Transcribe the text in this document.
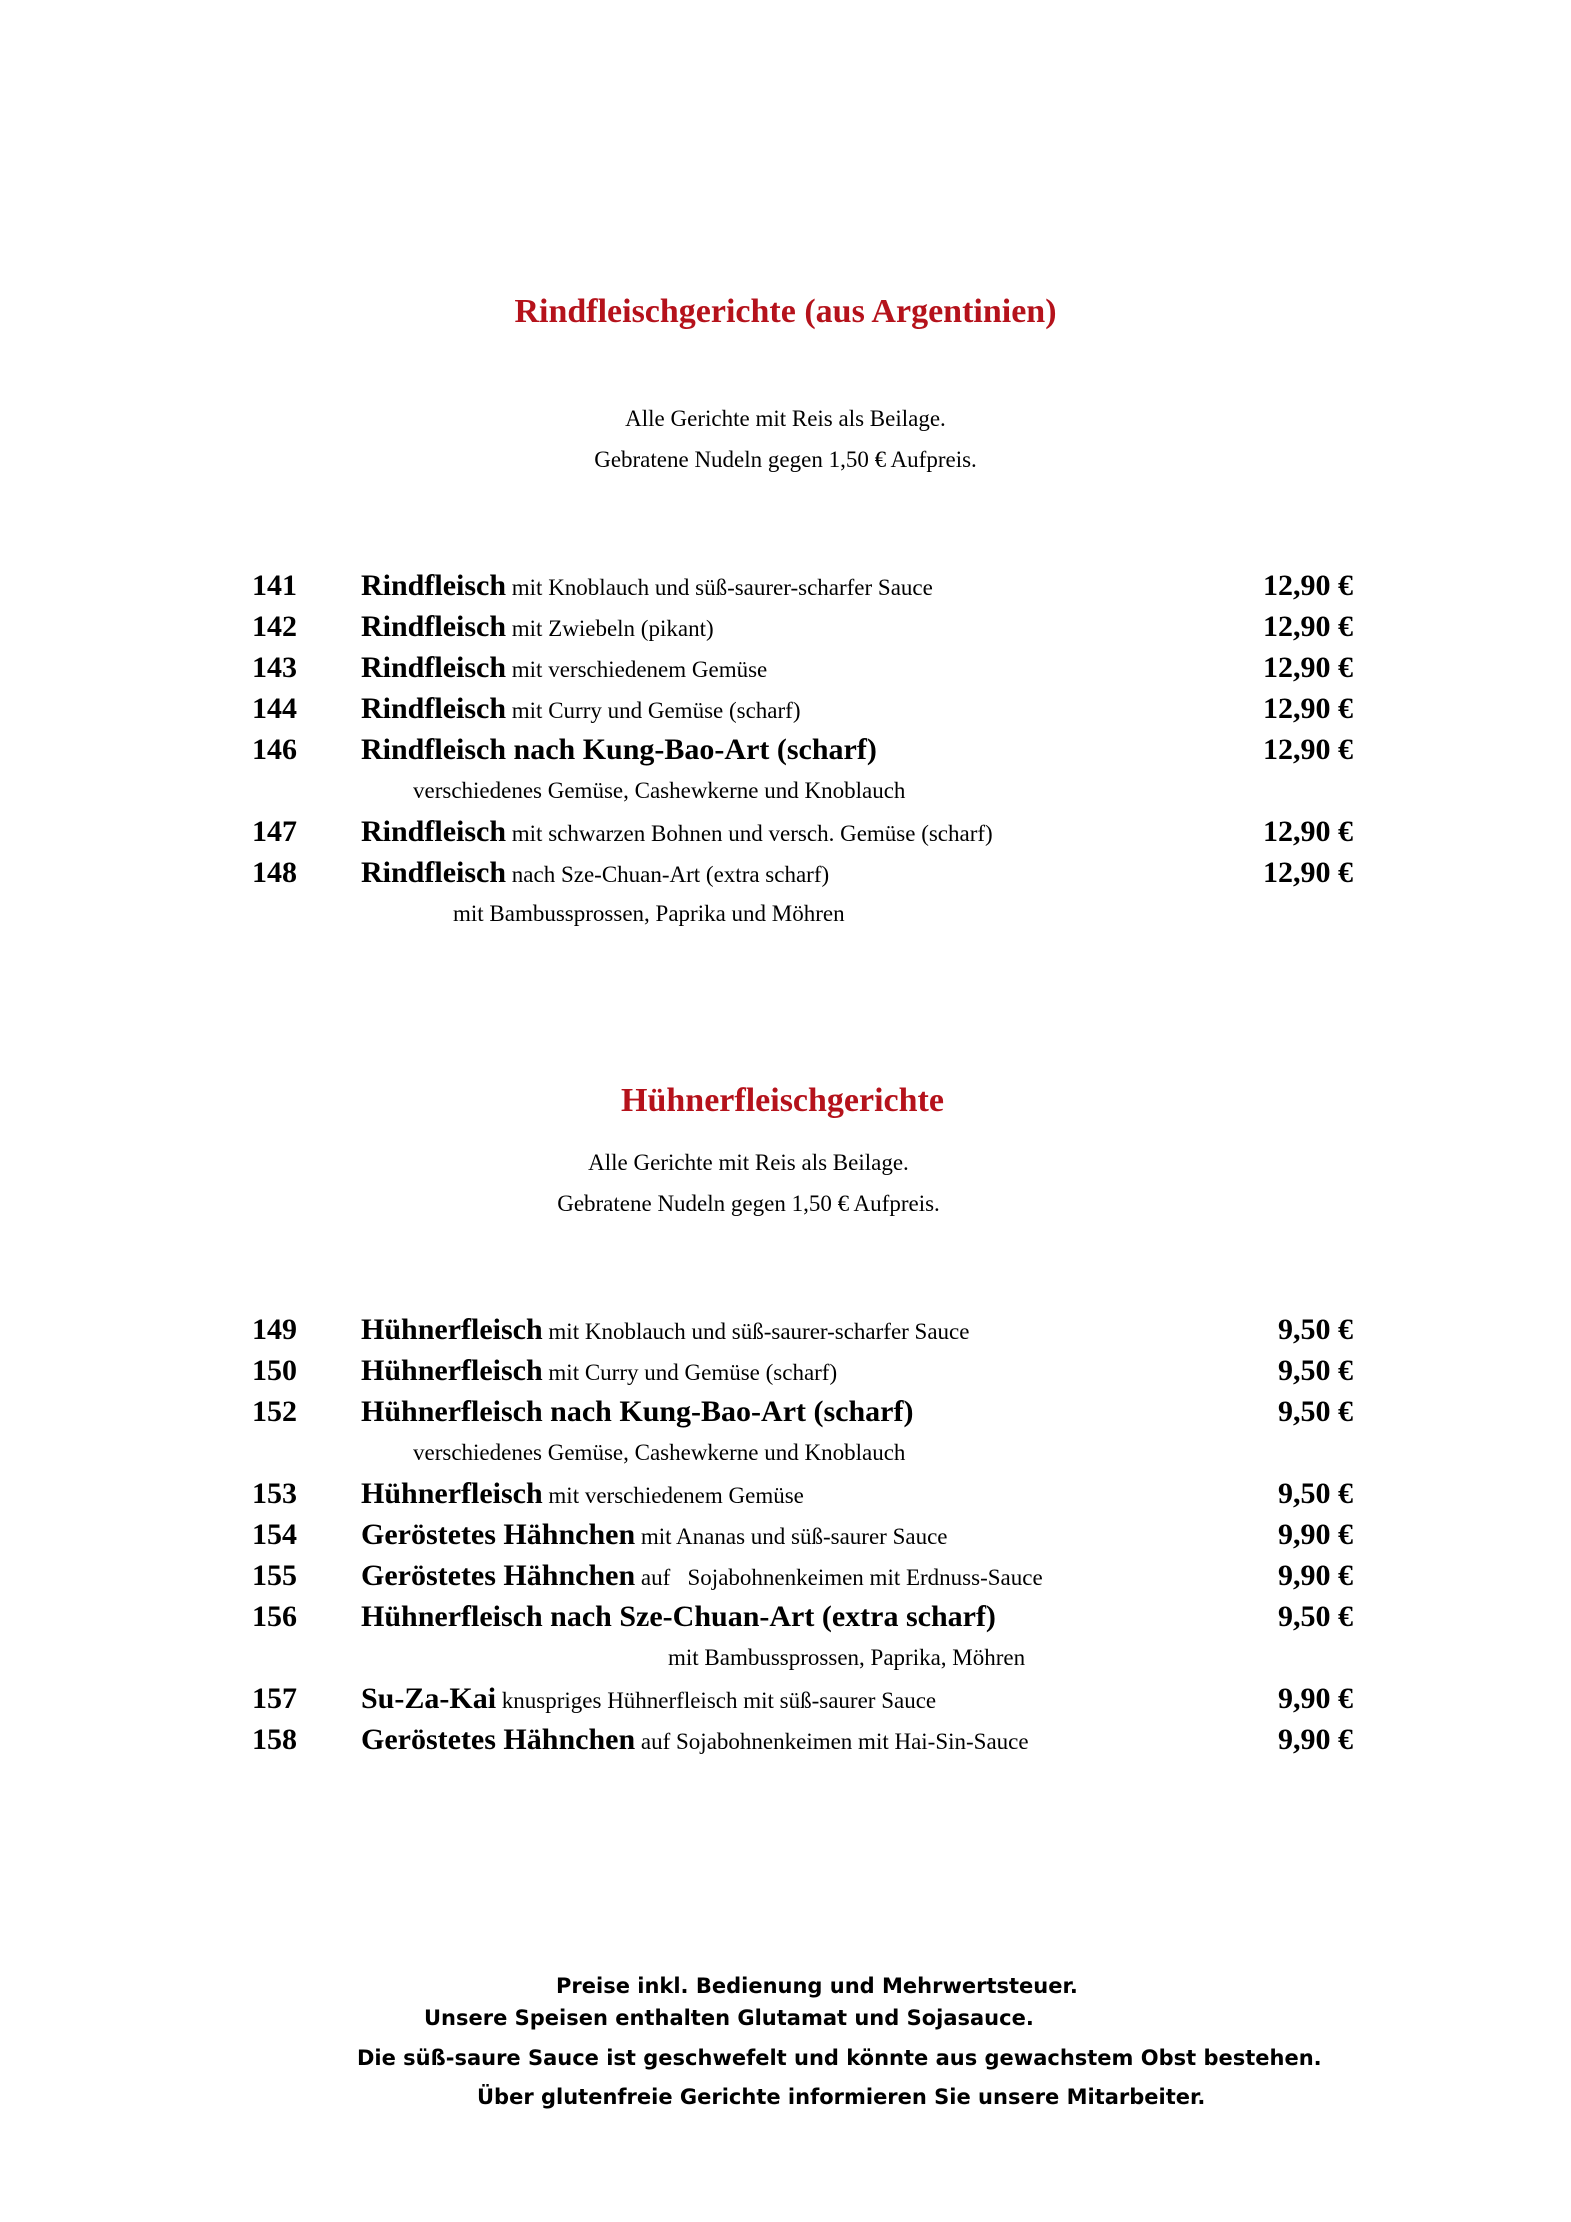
Rindfleischgerichte (aus Argentinien)

Alle Gerichte mit Reis als Beilage.

Gebratene Nudeln gegen 1,50 € Aufpreis.

141 Rindfleisch mit Knoblauch und süß-saurer-scharfer Sauce	12,90 €
142 Rindfleisch mit Zwiebeln (pikant)	12,90 €
143 Rindfleisch mit verschiedenem Gemüse	12,90 €
144 Rindfleisch mit Curry und Gemüse (scharf)	12,90 €
146 Rindfleisch nach Kung-Bao-Art (scharf)	12,90 €
verschiedenes Gemüse, Cashewkerne und Knoblauch
147 Rindfleisch mit schwarzen Bohnen und versch. Gemüse (scharf)	12,90 €
148 Rindfleisch nach Sze-Chuan-Art (extra scharf)	12,90 €
mit Bambussprossen, Paprika und Möhren
Hühnerfleischgerichte

Alle Gerichte mit Reis als Beilage.

Gebratene Nudeln gegen 1,50 € Aufpreis.

149 Hühnerfleisch mit Knoblauch und süß-saurer-scharfer Sauce	9,50 €
150 Hühnerfleisch mit Curry und Gemüse (scharf)	9,50 €
152 Hühnerfleisch nach Kung-Bao-Art (scharf)	9,50 €
verschiedenes Gemüse, Cashewkerne und Knoblauch
153 Hühnerfleisch mit verschiedenem Gemüse	9,50 €
154 Geröstetes Hähnchen mit Ananas und süß-saurer Sauce	9,90 €
155 Geröstetes Hähnchen auf   Sojabohnenkeimen mit Erdnuss-Sauce	9,90 €
156 Hühnerfleisch nach Sze-Chuan-Art (extra scharf)	9,50 €
mit Bambussprossen, Paprika, Möhren
157 Su-Za-Kai knuspriges Hühnerfleisch mit süß-saurer Sauce	9,90 €
158 Geröstetes Hähnchen auf Sojabohnenkeimen mit Hai-Sin-Sauce	9,90 €

Preise inkl. Bedienung und Mehrwertsteuer.

Unsere Speisen enthalten Glutamat und Sojasauce.

Die süß-saure Sauce ist geschwefelt und könnte aus gewachstem Obst bestehen.

Über glutenfreie Gerichte informieren Sie unsere Mitarbeiter.
